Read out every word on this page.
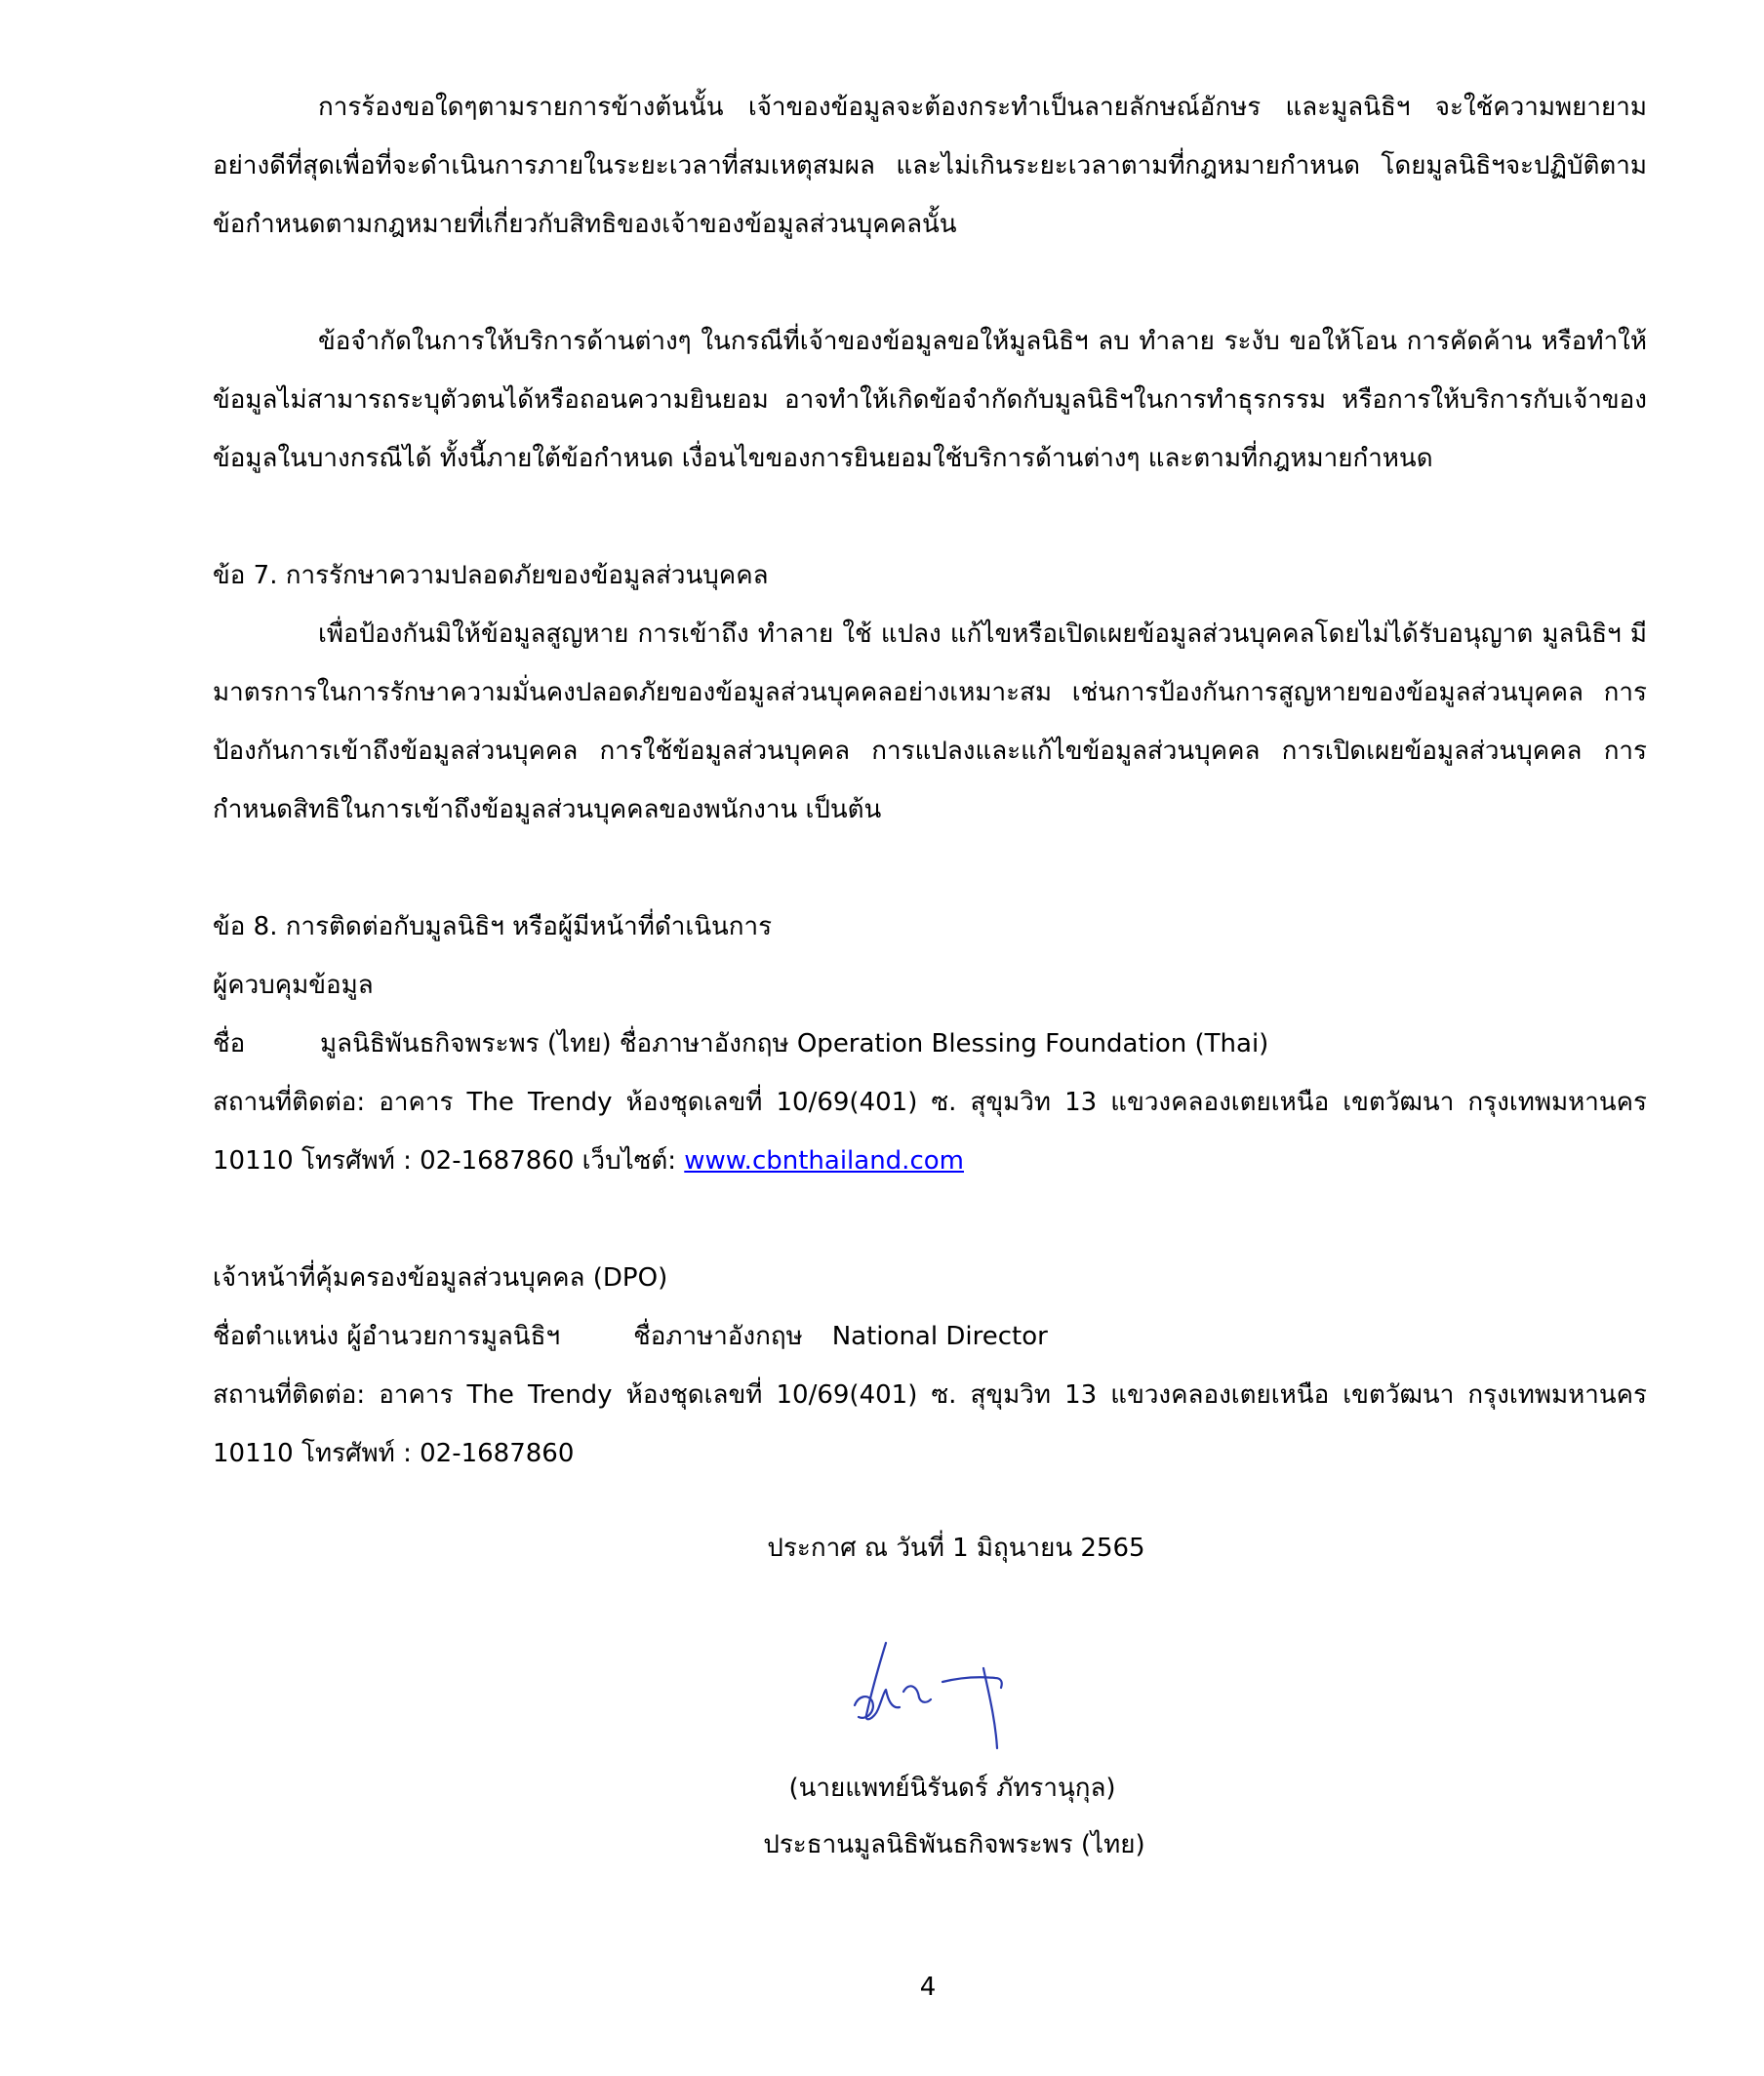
การร้องขอใดๆตามรายการข้างต้นนั้น เจ้าของข้อมูลจะต้องกระทำเป็นลายลักษณ์อักษร และมูลนิธิฯ จะใช้ความพยายามอย่างดีที่สุดเพื่อที่จะดำเนินการภายในระยะเวลาที่สมเหตุสมผล และไม่เกินระยะเวลาตามที่กฎหมายกำหนด โดยมูลนิธิฯจะปฏิบัติตามข้อกำหนดตามกฎหมายที่เกี่ยวกับสิทธิของเจ้าของข้อมูลส่วนบุคคลนั้น

ข้อจำกัดในการให้บริการด้านต่างๆ ในกรณีที่เจ้าของข้อมูลขอให้มูลนิธิฯ ลบ ทำลาย ระงับ ขอให้โอน การคัดค้าน หรือทำให้ข้อมูลไม่สามารถระบุตัวตนได้หรือถอนความยินยอม อาจทำให้เกิดข้อจำกัดกับมูลนิธิฯในการทำธุรกรรม หรือการให้บริการกับเจ้าของข้อมูลในบางกรณีได้ ทั้งนี้ภายใต้ข้อกำหนด เงื่อนไขของการยินยอมใช้บริการด้านต่างๆ และตามที่กฎหมายกำหนด

ข้อ 7. การรักษาความปลอดภัยของข้อมูลส่วนบุคคล

เพื่อป้องกันมิให้ข้อมูลสูญหาย การเข้าถึง ทำลาย ใช้ แปลง แก้ไขหรือเปิดเผยข้อมูลส่วนบุคคลโดยไม่ได้รับอนุญาต มูลนิธิฯ มีมาตรการในการรักษาความมั่นคงปลอดภัยของข้อมูลส่วนบุคคลอย่างเหมาะสม เช่นการป้องกันการสูญหายของข้อมูลส่วนบุคคล การป้องกันการเข้าถึงข้อมูลส่วนบุคคล การใช้ข้อมูลส่วนบุคคล การแปลงและแก้ไขข้อมูลส่วนบุคคล การเปิดเผยข้อมูลส่วนบุคคล การกำหนดสิทธิในการเข้าถึงข้อมูลส่วนบุคคลของพนักงาน เป็นต้น

ข้อ 8. การติดต่อกับมูลนิธิฯ หรือผู้มีหน้าที่ดำเนินการ

ผู้ควบคุมข้อมูล

ชื่อ	มูลนิธิพันธกิจพระพร (ไทย) ชื่อภาษาอังกฤษ Operation Blessing Foundation (Thai)

สถานที่ติดต่อ: อาคาร The Trendy ห้องชุดเลขที่ 10/69(401) ซ. สุขุมวิท 13 แขวงคลองเตยเหนือ เขตวัฒนา กรุงเทพมหานคร

10110 โทรศัพท์ : 02-1687860 เว็บไซต์: www.cbnthailand.com

เจ้าหน้าที่คุ้มครองข้อมูลส่วนบุคคล (DPO)

ชื่อตำแหน่ง ผู้อำนวยการมูลนิธิฯ	ชื่อภาษาอังกฤษ National Director

สถานที่ติดต่อ: อาคาร The Trendy ห้องชุดเลขที่ 10/69(401) ซ. สุขุมวิท 13 แขวงคลองเตยเหนือ เขตวัฒนา กรุงเทพมหานคร

10110 โทรศัพท์ : 02-1687860

ประกาศ ณ วันที่ 1 มิถุนายน 2565
(นายแพทย์นิรันดร์ ภัทรานุกุล)
ประธานมูลนิธิพันธกิจพระพร (ไทย)
4
